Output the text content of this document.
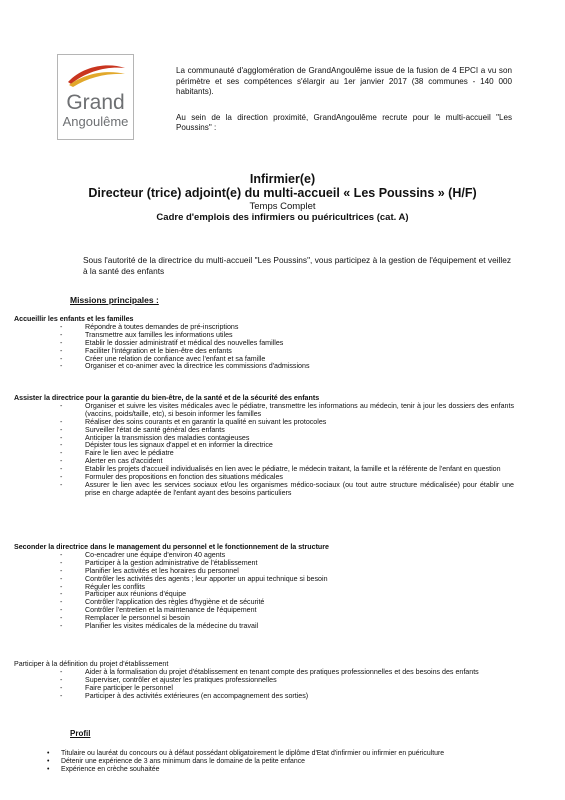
Grand
Angoulême

La communauté d'agglomération de GrandAngoulême issue de la fusion de 4 EPCI a vu son périmètre et ses compétences s'élargir au 1er janvier 2017 (38 communes - 140 000 habitants).

Au sein de la direction proximité, GrandAngoulême recrute pour le multi-accueil "Les Poussins" :

Infirmier(e)
Directeur (trice) adjoint(e) du multi-accueil « Les Poussins » (H/F)
Temps Complet
Cadre d'emplois des infirmiers ou puéricultrices (cat. A)
Sous l'autorité de la directrice du multi-accueil "Les Poussins", vous participez à la gestion de l'équipement et veillez à la santé des enfants
Missions principales :
Accueillir les enfants et les familles
- Répondre à toutes demandes de pré-inscriptions
- Transmettre aux familles les informations utiles
- Etablir le dossier administratif et médical des nouvelles familles
- Faciliter l'intégration et le bien-être des enfants
- Créer une relation de confiance avec l'enfant et sa famille
- Organiser et co-animer avec la directrice les commissions d'admissions
Assister la directrice pour la garantie du bien-être, de la santé et de la sécurité des enfants
- Organiser et suivre les visites médicales avec le pédiatre, transmettre les informations au médecin, tenir à jour les dossiers des enfants (vaccins, poids/taille, etc), si besoin informer les familles
- Réaliser des soins courants et en garantir la qualité en suivant les protocoles
- Surveiller l'état de santé général des enfants
- Anticiper la transmission des maladies contagieuses
- Dépister tous les signaux d'appel et en informer la directrice
- Faire le lien avec le pédiatre
- Alerter en cas d'accident
- Etablir les projets d'accueil individualisés en lien avec le pédiatre, le médecin traitant, la famille et la référente de l'enfant en question
- Formuler des propositions en fonction des situations médicales
- Assurer le lien avec les services sociaux et/ou les organismes médico-sociaux (ou tout autre structure médicalisée) pour établir une prise en charge adaptée de l'enfant ayant des besoins particuliers
Seconder la directrice dans le management du personnel et le fonctionnement de la structure
- Co-encadrer une équipe d'environ 40 agents
- Participer à la gestion administrative de l'établissement
- Planifier les activités et les horaires du personnel
- Contrôler les activités des agents ; leur apporter un appui technique si besoin
- Réguler les conflits
- Participer aux réunions d'équipe
- Contrôler l'application des règles d'hygiène et de sécurité
- Contrôler l'entretien et la maintenance de l'équipement
- Remplacer le personnel si besoin
- Planifier les visites médicales de la médecine du travail
Participer à la définition du projet d'établissement
- Aider à la formalisation du projet d'établissement en tenant compte des pratiques professionnelles et des besoins des enfants
- Superviser, contrôler et ajuster les pratiques professionnelles
- Faire participer le personnel
- Participer à des activités extérieures (en accompagnement des sorties)
Profil
• Titulaire ou lauréat du concours ou à défaut possédant obligatoirement le diplôme d'Etat d'infirmier ou infirmier en puériculture
• Détenir une expérience de 3 ans minimum dans le domaine de la petite enfance
• Expérience en crèche souhaitée
